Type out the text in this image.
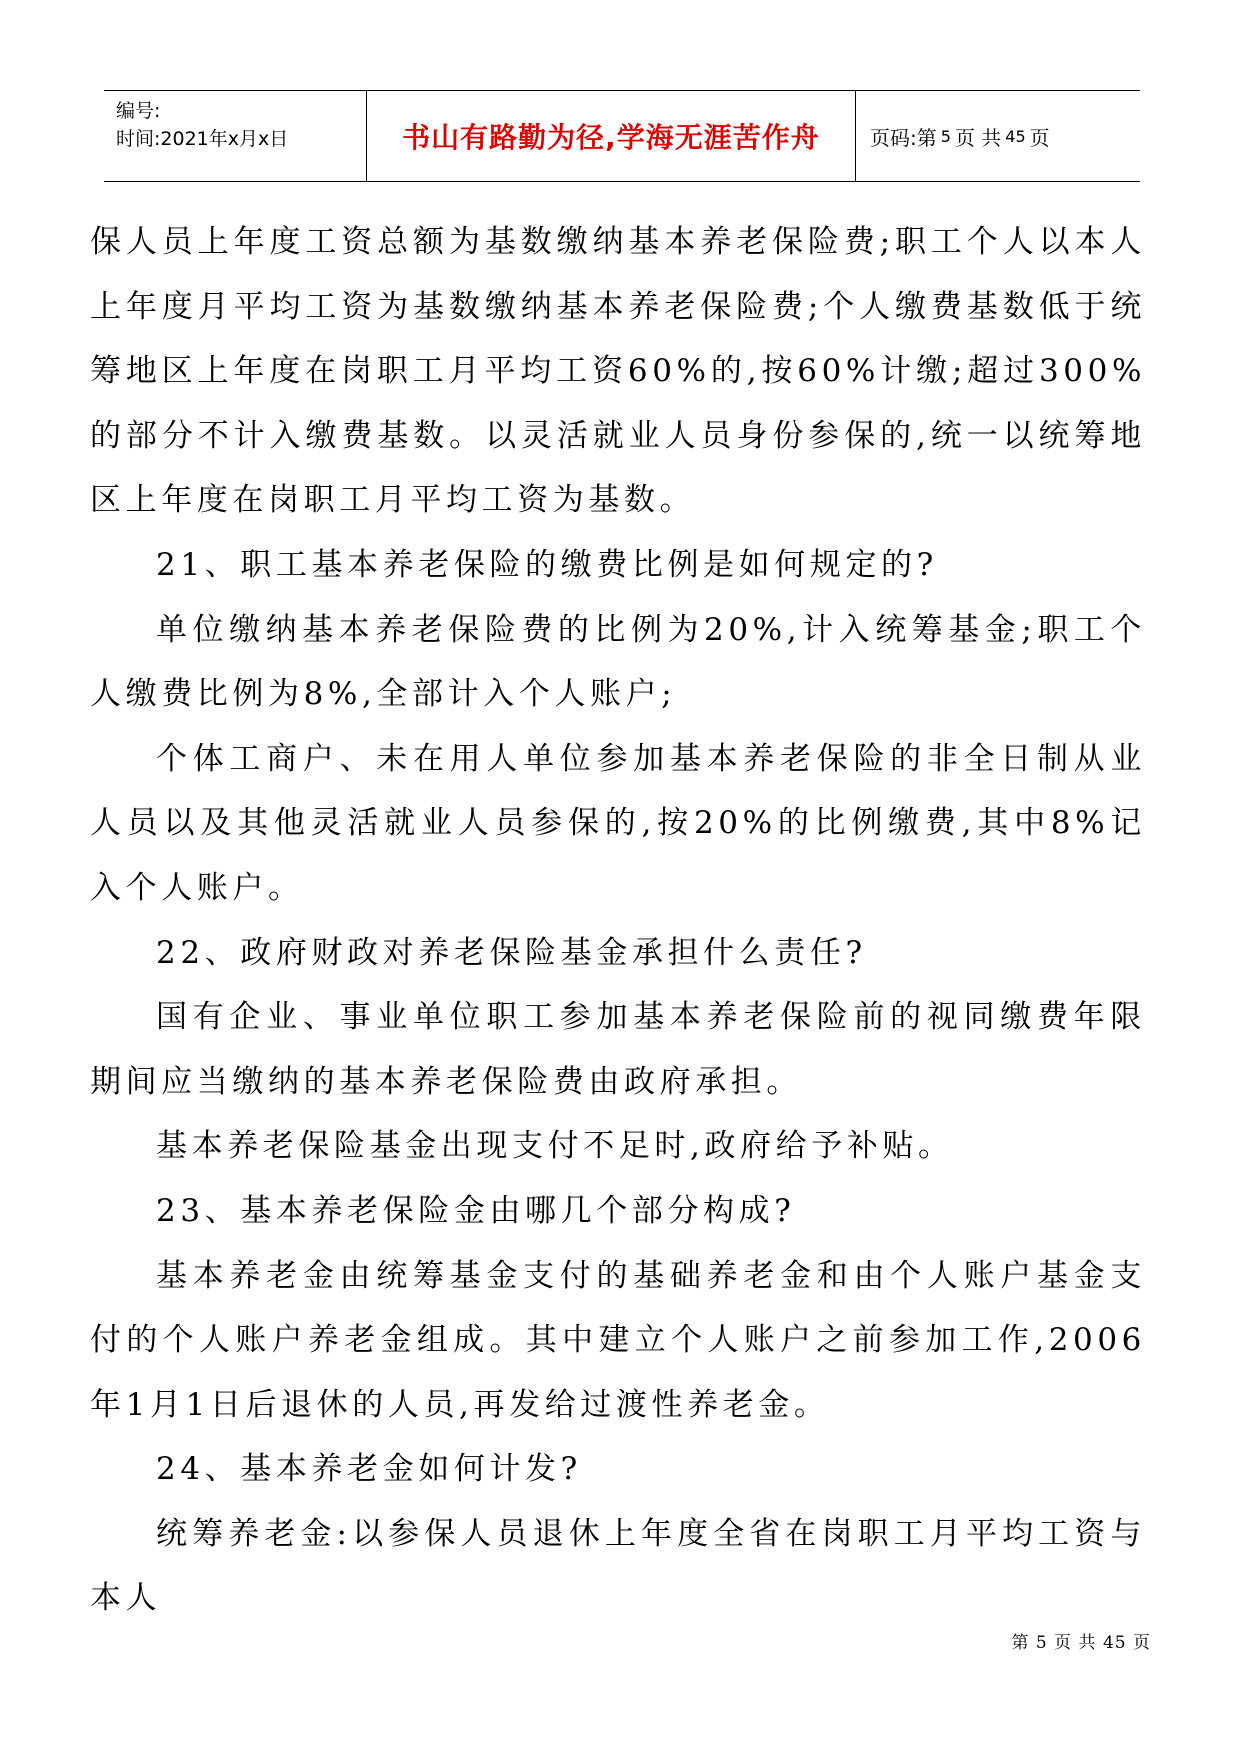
编号:
时间:2021年x月x日	书山有路勤为径,学海无涯苦作舟	页码:第 5 页 共 45 页

保人员上年度工资总额为基数缴纳基本养老保险费;职工个人以本人上年度月平均工资为基数缴纳基本养老保险费;个人缴费基数低于统筹地区上年度在岗职工月平均工资60%的,按60%计缴;超过300%的部分不计入缴费基数。以灵活就业人员身份参保的,统一以统筹地区上年度在岗职工月平均工资为基数。

21、职工基本养老保险的缴费比例是如何规定的?

单位缴纳基本养老保险费的比例为20%,计入统筹基金;职工个人缴费比例为8%,全部计入个人账户;

个体工商户、未在用人单位参加基本养老保险的非全日制从业人员以及其他灵活就业人员参保的,按20%的比例缴费,其中8%记入个人账户。

22、政府财政对养老保险基金承担什么责任?

国有企业、事业单位职工参加基本养老保险前的视同缴费年限期间应当缴纳的基本养老保险费由政府承担。

基本养老保险基金出现支付不足时,政府给予补贴。

23、基本养老保险金由哪几个部分构成?

基本养老金由统筹基金支付的基础养老金和由个人账户基金支付的个人账户养老金组成。其中建立个人账户之前参加工作,2006年1月1日后退休的人员,再发给过渡性养老金。

24、基本养老金如何计发?

统筹养老金:以参保人员退休上年度全省在岗职工月平均工资与本人

第 5 页 共 45 页
